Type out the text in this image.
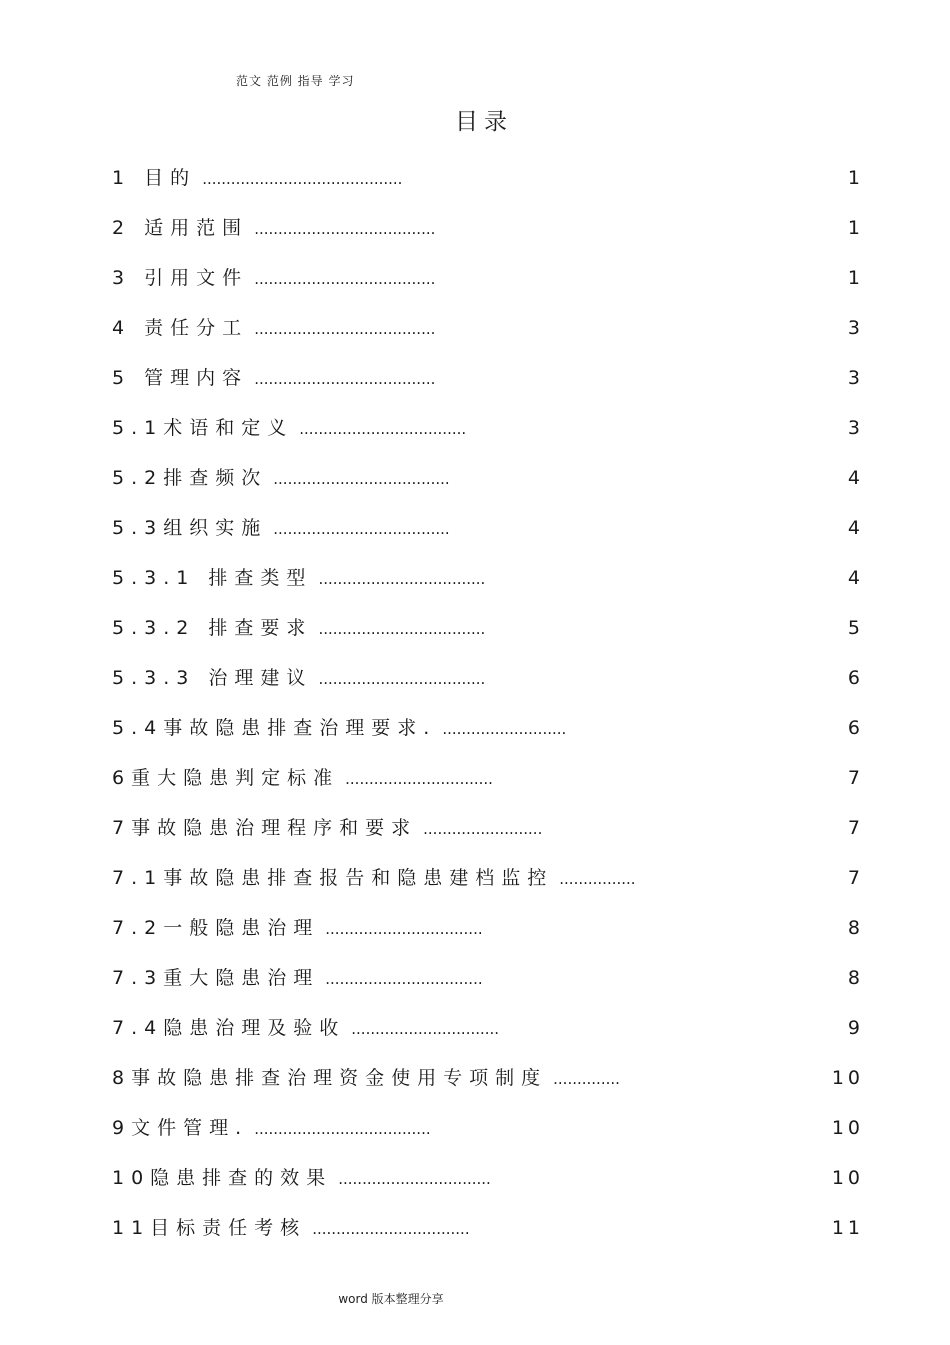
范文 范例 指导 学习
目录
1 目的 ..........................................	1
2 适用范围 ......................................	1
3 引用文件 ......................................	1
4 责任分工 ......................................	3
5 管理内容 ......................................	3
5.1术语和定义 ...................................	3
5.2排查频次 .....................................	4
5.3组织实施 .....................................	4
5.3.1 排查类型 ...................................	4
5.3.2 排查要求 ...................................	5
5.3.3 治理建议 ...................................	6
5.4事故隐患排查治理要求. ..........................	6
6重大隐患判定标准 ...............................	7
7事故隐患治理程序和要求 .........................	7
7.1事故隐患排查报告和隐患建档监控 ................	7
7.2一般隐患治理 .................................	8
7.3重大隐患治理 .................................	8
7.4隐患治理及验收 ...............................	9
8事故隐患排查治理资金使用专项制度 ..............	10
9文件管理. .....................................	10
10隐患排查的效果 ................................	10
11目标责任考核 .................................	11
word 版本整理分享
